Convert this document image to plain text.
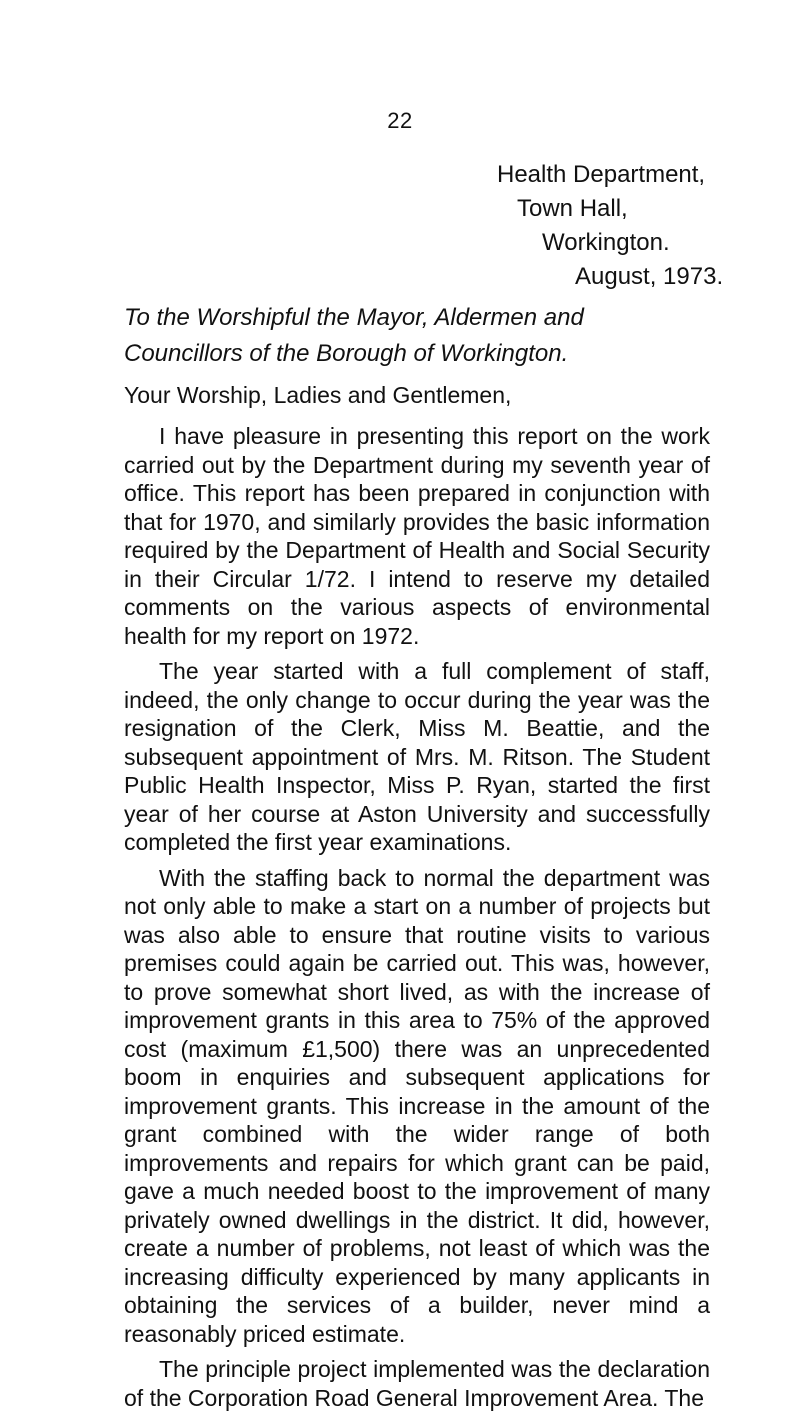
22
Health Department,
Town Hall,
Workington.
August, 1973.
To the Worshipful the Mayor, Aldermen and Councillors of the Borough of Workington.
Your Worship, Ladies and Gentlemen,

I have pleasure in presenting this report on the work carried out by the Department during my seventh year of office. This report has been prepared in conjunction with that for 1970, and similarly provides the basic information required by the Department of Health and Social Security in their Circular 1/72. I intend to reserve my detailed comments on the various aspects of environmental health for my report on 1972.

The year started with a full complement of staff, indeed, the only change to occur during the year was the resignation of the Clerk, Miss M. Beattie, and the subsequent appointment of Mrs. M. Ritson. The Student Public Health Inspector, Miss P. Ryan, started the first year of her course at Aston University and successfully completed the first year examinations.

With the staffing back to normal the department was not only able to make a start on a number of projects but was also able to ensure that routine visits to various premises could again be carried out. This was, however, to prove somewhat short lived, as with the increase of improvement grants in this area to 75% of the approved cost (maximum £1,500) there was an unprecedented boom in enquiries and subsequent applications for improvement grants. This increase in the amount of the grant combined with the wider range of both improvements and repairs for which grant can be paid, gave a much needed boost to the improvement of many privately owned dwellings in the district. It did, however, create a number of problems, not least of which was the increasing difficulty experienced by many applicants in obtaining the services of a builder, never mind a reasonably priced estimate.

The principle project implemented was the declaration of the Corporation Road General Improvement Area. The
